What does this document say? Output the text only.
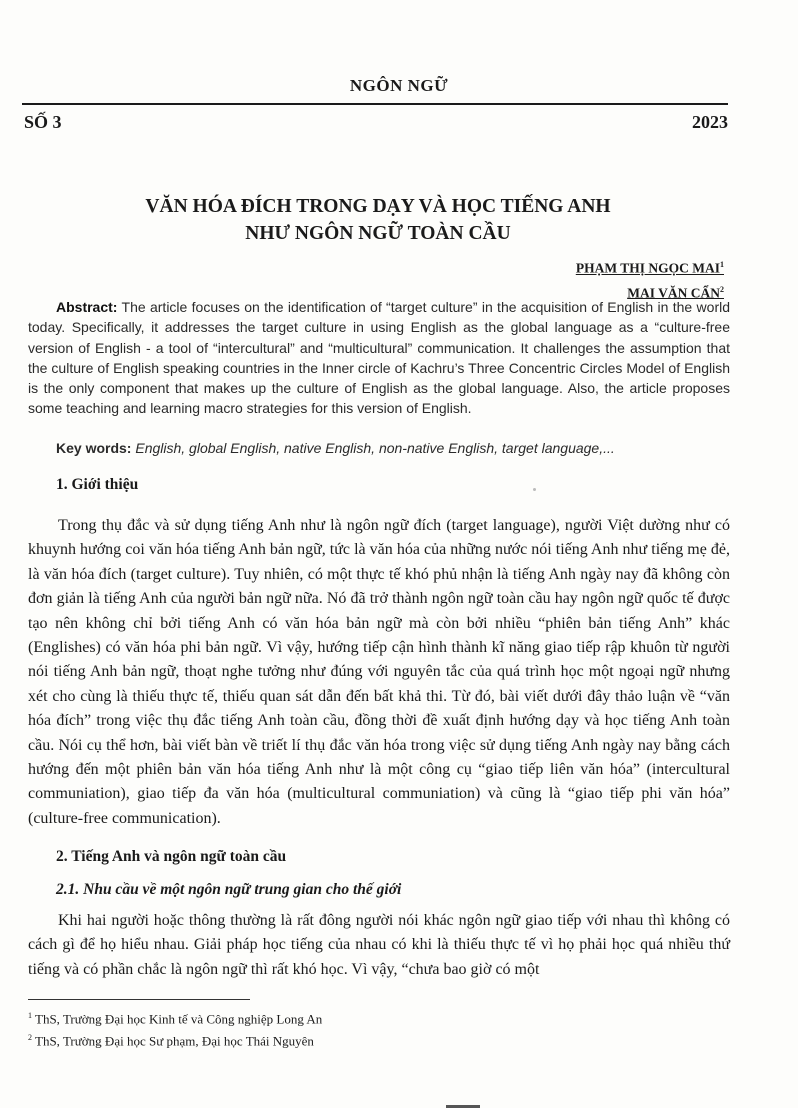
NGÔN NGỮ
SỐ 3	2023
VĂN HÓA ĐÍCH TRONG DẠY VÀ HỌC TIẾNG ANH
NHƯ NGÔN NGỮ TOÀN CẦU
PHẠM THỊ NGỌC MAI$^1$
MAI VĂN CẨN$^2$
Abstract: The article focuses on the identification of “target culture” in the acquisition of English in the world today. Specifically, it addresses the target culture in using English as the global language as a “culture-free version of English - a tool of “intercultural” and “multicultural” communication. It challenges the assumption that the culture of English speaking countries in the Inner circle of Kachru’s Three Concentric Circles Model of English is the only component that makes up the culture of English as the global language. Also, the article proposes some teaching and learning macro strategies for this version of English.
Key words: English, global English, native English, non-native English, target language,...
1. Giới thiệu
Trong thụ đắc và sử dụng tiếng Anh như là ngôn ngữ đích (target language), người Việt dường như có khuynh hướng coi văn hóa tiếng Anh bản ngữ, tức là văn hóa của những nước nói tiếng Anh như tiếng mẹ đẻ, là văn hóa đích (target culture). Tuy nhiên, có một thực tế khó phủ nhận là tiếng Anh ngày nay đã không còn đơn giản là tiếng Anh của người bản ngữ nữa. Nó đã trở thành ngôn ngữ toàn cầu hay ngôn ngữ quốc tế được tạo nên không chỉ bởi tiếng Anh có văn hóa bản ngữ mà còn bởi nhiều “phiên bản tiếng Anh” khác (Englishes) có văn hóa phi bản ngữ. Vì vậy, hướng tiếp cận hình thành kĩ năng giao tiếp rập khuôn từ người nói tiếng Anh bản ngữ, thoạt nghe tưởng như đúng với nguyên tắc của quá trình học một ngoại ngữ nhưng xét cho cùng là thiếu thực tế, thiếu quan sát dẫn đến bất khả thi. Từ đó, bài viết dưới đây thảo luận về “văn hóa đích” trong việc thụ đắc tiếng Anh toàn cầu, đồng thời đề xuất định hướng dạy và học tiếng Anh toàn cầu. Nói cụ thể hơn, bài viết bàn về triết lí thụ đắc văn hóa trong việc sử dụng tiếng Anh ngày nay bằng cách hướng đến một phiên bản văn hóa tiếng Anh như là một công cụ “giao tiếp liên văn hóa” (intercultural communiation), giao tiếp đa văn hóa (multicultural communiation) và cũng là “giao tiếp phi văn hóa” (culture-free communication).
2. Tiếng Anh và ngôn ngữ toàn cầu
2.1. Nhu cầu về một ngôn ngữ trung gian cho thế giới
Khi hai người hoặc thông thường là rất đông người nói khác ngôn ngữ giao tiếp với nhau thì không có cách gì để họ hiểu nhau. Giải pháp học tiếng của nhau có khi là thiếu thực tế vì họ phải học quá nhiều thứ tiếng và có phần chắc là ngôn ngữ thì rất khó học. Vì vậy, “chưa bao giờ có một
$^1$ ThS, Trường Đại học Kinh tế và Công nghiệp Long An
$^2$ ThS, Trường Đại học Sư phạm, Đại học Thái Nguyên
